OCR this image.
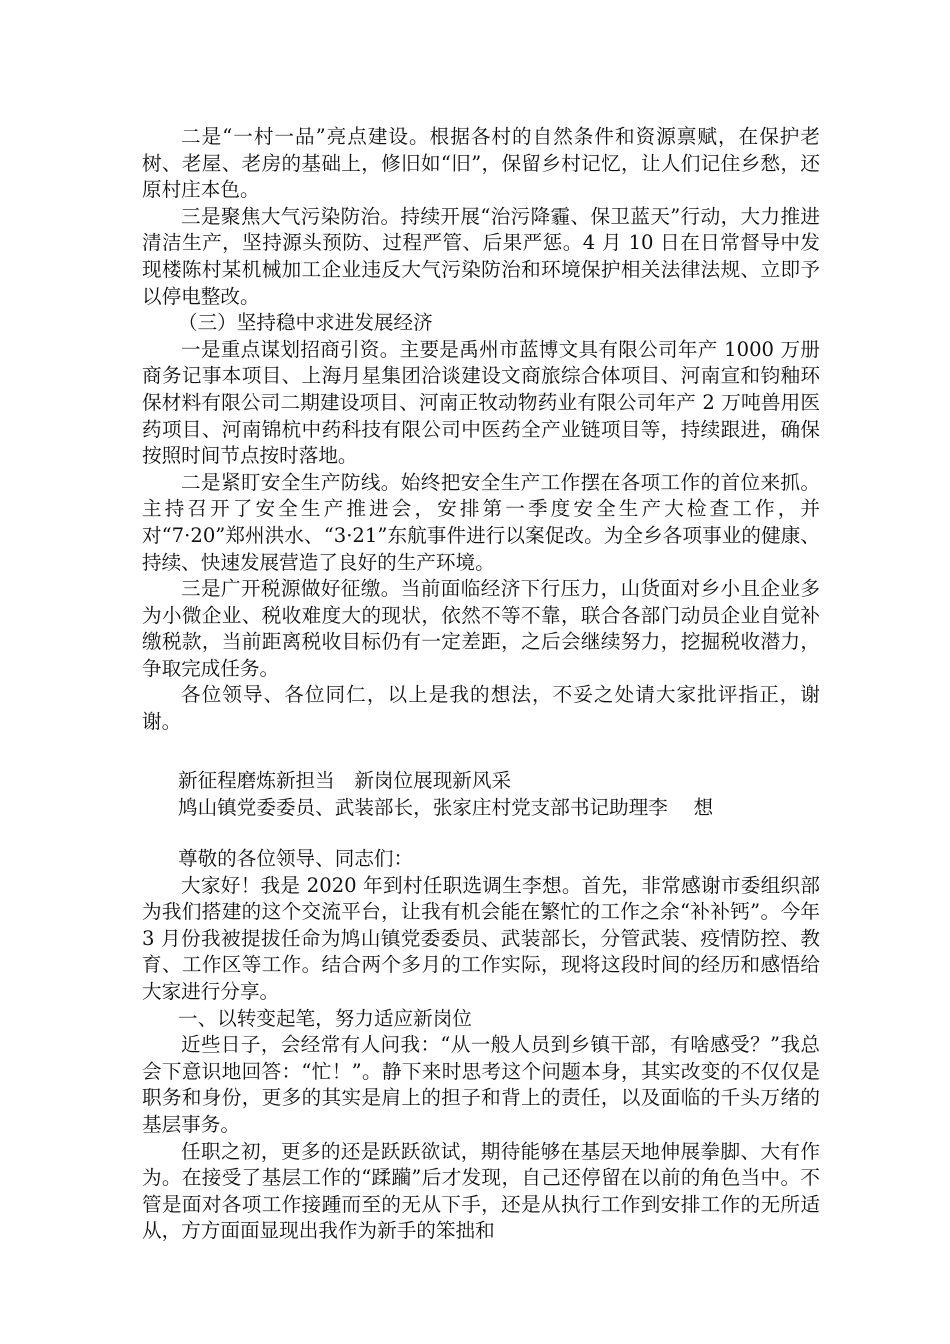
二是“一村一品”亮点建设。根据各村的自然条件和资源禀赋，在保护老树、老屋、老房的基础上，修旧如“旧”，保留乡村记忆，让人们记住乡愁，还原村庄本色。

三是聚焦大气污染防治。持续开展“治污降霾、保卫蓝天”行动，大力推进清洁生产，坚持源头预防、过程严管、后果严惩。4 月 10 日在日常督导中发现楼陈村某机械加工企业违反大气污染防治和环境保护相关法律法规、立即予以停电整改。

（三）坚持稳中求进发展经济

一是重点谋划招商引资。主要是禹州市蓝博文具有限公司年产 1000 万册商务记事本项目、上海月星集团洽谈建设文商旅综合体项目、河南宣和钧釉环保材料有限公司二期建设项目、河南正牧动物药业有限公司年产 2 万吨兽用医药项目、河南锦杭中药科技有限公司中医药全产业链项目等，持续跟进，确保按照时间节点按时落地。

二是紧盯安全生产防线。始终把安全生产工作摆在各项工作的首位来抓。主持召开了安全生产推进会，安排第一季度安全生产大检查工作，并对“7·20”郑州洪水、“3·21”东航事件进行以案促改。为全乡各项事业的健康、持续、快速发展营造了良好的生产环境。

三是广开税源做好征缴。当前面临经济下行压力，山货面对乡小且企业多为小微企业、税收难度大的现状，依然不等不靠，联合各部门动员企业自觉补缴税款，当前距离税收目标仍有一定差距，之后会继续努力，挖掘税收潜力，争取完成任务。

各位领导、各位同仁，以上是我的想法，不妥之处请大家批评指正，谢谢。

新征程磨炼新担当　新岗位展现新风采

鸠山镇党委委员、武装部长，张家庄村党支部书记助理李　 想

尊敬的各位领导、同志们：

大家好！我是 2020 年到村任职选调生李想。首先，非常感谢市委组织部为我们搭建的这个交流平台，让我有机会能在繁忙的工作之余“补补钙”。今年 3 月份我被提拔任命为鸠山镇党委委员、武装部长，分管武装、疫情防控、教育、工作区等工作。结合两个多月的工作实际，现将这段时间的经历和感悟给大家进行分享。

一、以转变起笔，努力适应新岗位

近些日子，会经常有人问我：“从一般人员到乡镇干部，有啥感受？”我总会下意识地回答：“忙！”。静下来时思考这个问题本身，其实改变的不仅仅是职务和身份，更多的其实是肩上的担子和背上的责任，以及面临的千头万绪的基层事务。

任职之初，更多的还是跃跃欲试，期待能够在基层天地伸展拳脚、大有作为。在接受了基层工作的“蹂躏”后才发现，自己还停留在以前的角色当中。不管是面对各项工作接踵而至的无从下手，还是从执行工作到安排工作的无所适从，方方面面显现出我作为新手的笨拙和
